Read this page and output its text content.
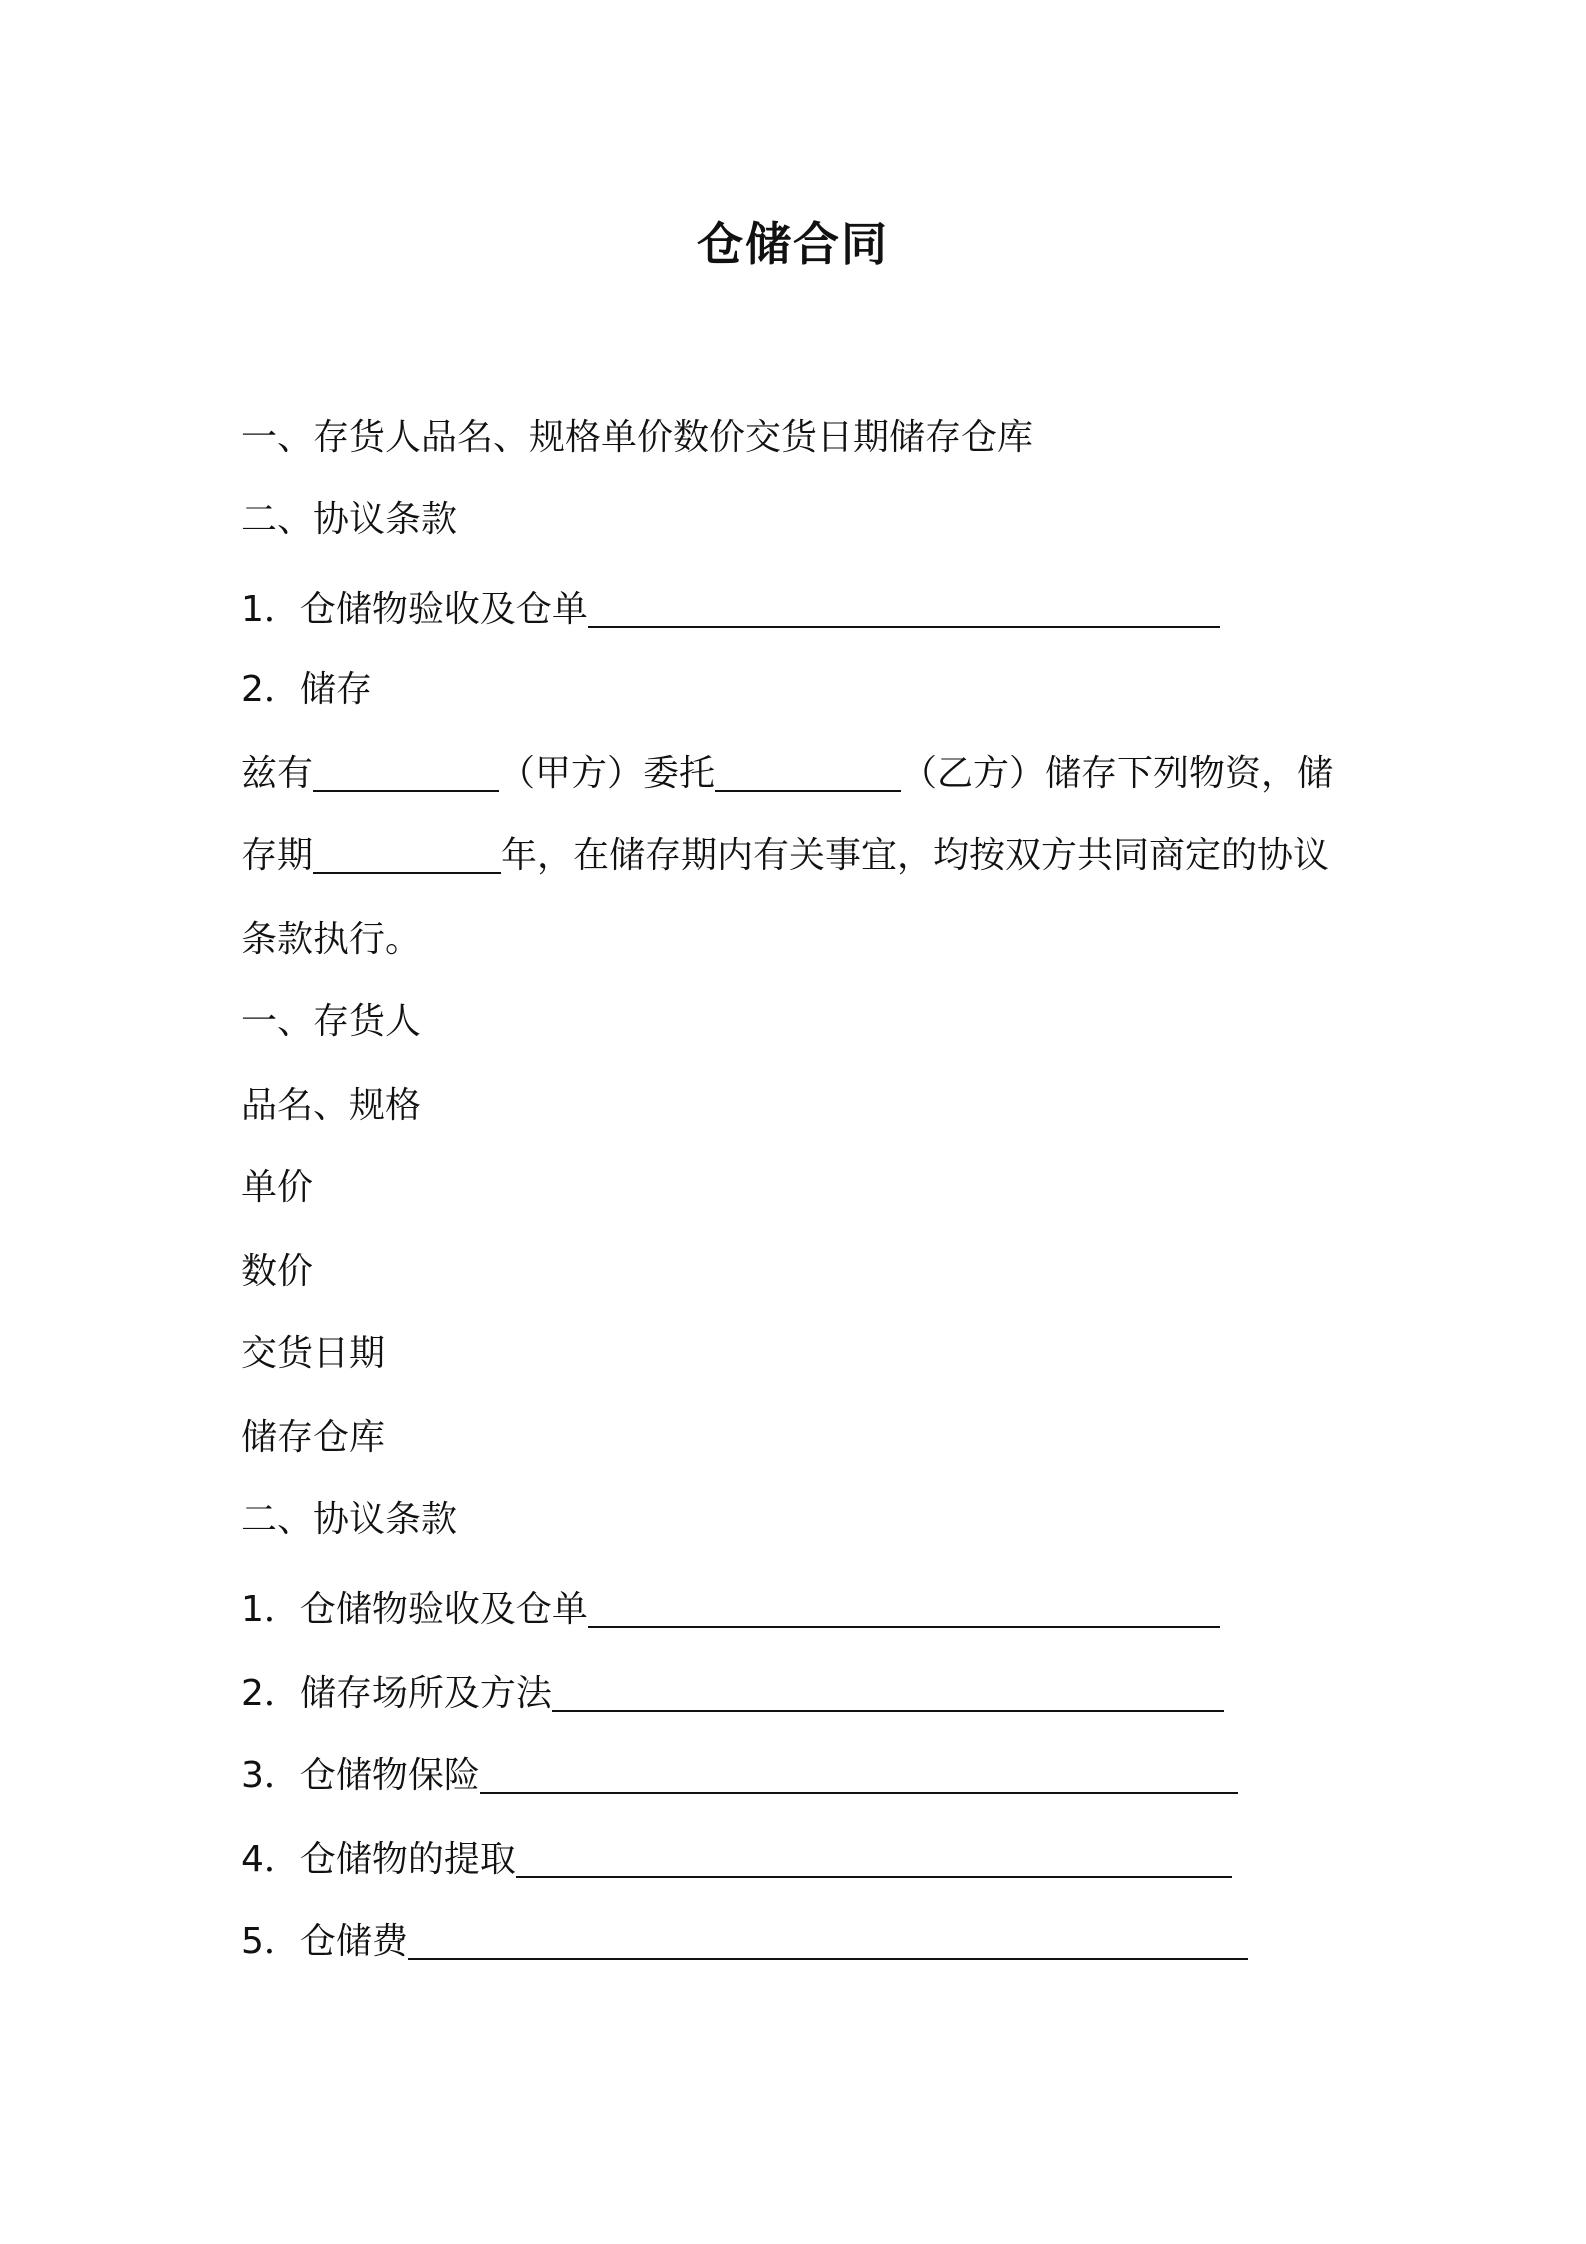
仓储合同
一、存货人品名、规格单价数价交货日期储存仓库
二、协议条款
1．仓储物验收及仓单
2．储存
兹有	（甲方）委托	（乙方）储存下列物资，储
存期	年，在储存期内有关事宜，均按双方共同商定的协议
条款执行。
一、存货人
品名、规格
单价
数价
交货日期
储存仓库
二、协议条款
1．仓储物验收及仓单
2．储存场所及方法
3．仓储物保险
4．仓储物的提取
5．仓储费
